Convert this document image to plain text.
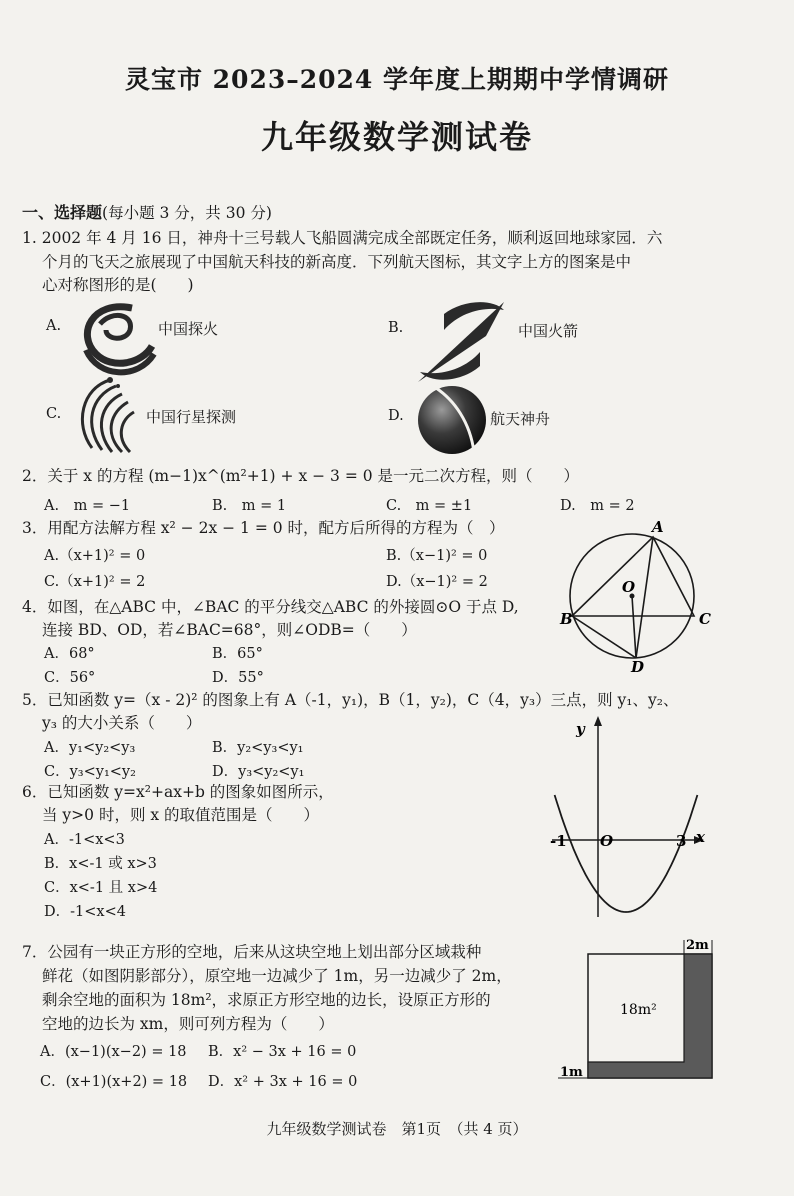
灵宝市 2023–2024 学年度上期期中学情调研
九年级数学测试卷
一、选择题(每小题 3 分，共 30 分)
1. 2002 年 4 月 16 日，神舟十三号载人飞船圆满完成全部既定任务，顺利返回地球家园．六
个月的飞天之旅展现了中国航天科技的新高度．下列航天图标，其文字上方的图案是中
心对称图形的是(　　)
A.	中国探火	B.	中国火箭
C.	中国行星探测	D.	航天神舟
2．关于 x 的方程 (m−1)x^(m²+1) + x − 3 = 0 是一元二次方程，则（　　）
A.　m = −1	B.　m = 1	C.　m = ±1	D.　m = 2
3．用配方法解方程 x² − 2x − 1 = 0 时，配方后所得的方程为（　）
A.（x+1)² = 0	B.（x−1)² = 0
C.（x+1)² = 2	D.（x−1)² = 2
4．如图，在△ABC 中，∠BAC 的平分线交△ABC 的外接圆⊙O 于点 D,
连接 BD、OD，若∠BAC=68°，则∠ODB=（　　）
A．68°	B．65°
C．56°	D．55°
A
B	C
D
O
5．已知函数 y=（x - 2)² 的图象上有 A（-1，y₁)，B（1，y₂)，C（4，y₃）三点，则 y₁、y₂、
y₃ 的大小关系（　　）
A．y₁<y₂<y₃	B．y₂<y₃<y₁
C．y₃<y₁<y₂	D．y₃<y₂<y₁
6．已知函数 y=x²+ax+b 的图象如图所示，
当 y>0 时，则 x 的取值范围是（　　）
A．-1<x<3
B．x<-1 或 x>3
C．x<-1 且 x>4
D．-1<x<4
y
x
O
-1	3
7．公园有一块正方形的空地，后来从这块空地上划出部分区域栽种
鲜花（如图阴影部分），原空地一边减少了 1m，另一边减少了 2m，
剩余空地的面积为 18m²，求原正方形空地的边长，设原正方形的
空地的边长为 xm，则可列方程为（　　）
A．(x−1)(x−2) = 18 B．x² − 3x + 16 = 0
C．(x+1)(x+2) = 18 D．x² + 3x + 16 = 0
2m
1m
18m²
九年级数学测试卷　第1页　（共 4 页）
